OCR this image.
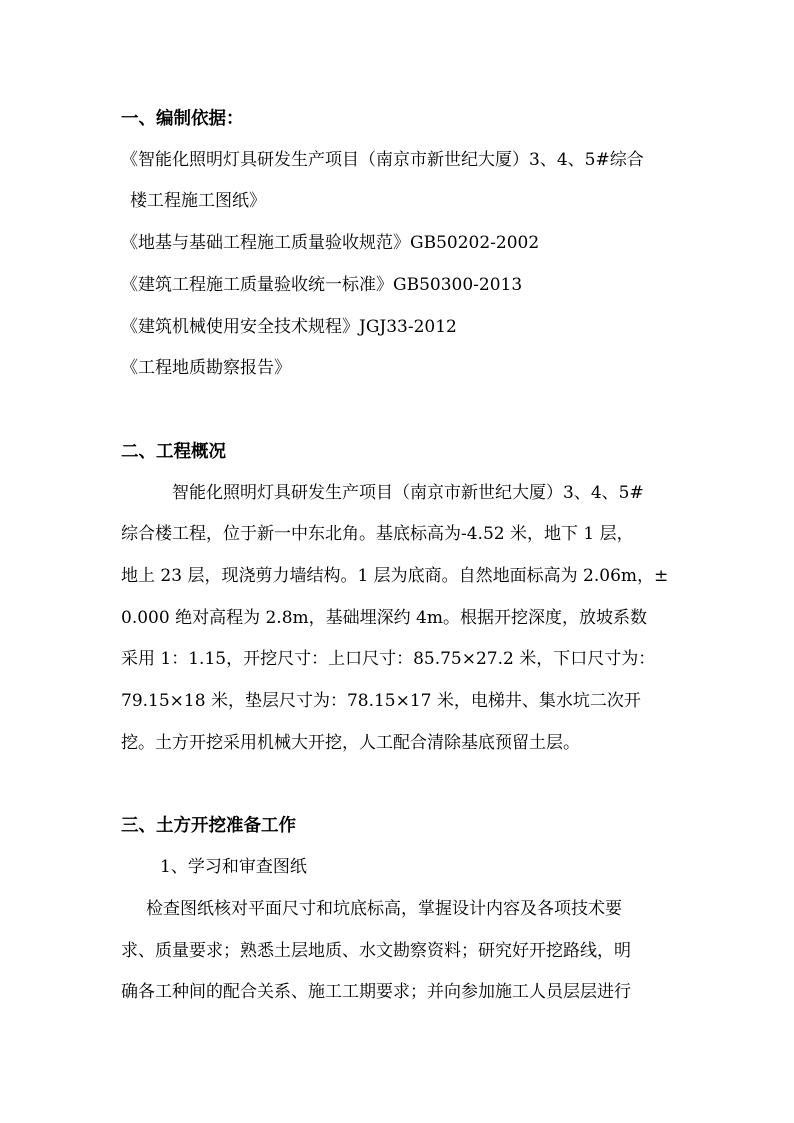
一、编制依据：
《智能化照明灯具研发生产项目（南京市新世纪大厦）3、4、5#综合
楼工程施工图纸》
《地基与基础工程施工质量验收规范》GB50202-2002
《建筑工程施工质量验收统一标准》GB50300-2013
《建筑机械使用安全技术规程》JGJ33-2012
《工程地质勘察报告》
二、工程概况
智能化照明灯具研发生产项目（南京市新世纪大厦）3、4、5#
综合楼工程，位于新一中东北角。基底标高为-4.52 米，地下 1 层，
地上 23 层，现浇剪力墙结构。1 层为底商。自然地面标高为 2.06m，±
0.000 绝对高程为 2.8m，基础埋深约 4m。根据开挖深度，放坡系数
采用 1：1.15，开挖尺寸：上口尺寸：85.75×27.2 米，下口尺寸为：
79.15×18 米，垫层尺寸为：78.15×17 米，电梯井、集水坑二次开
挖。土方开挖采用机械大开挖，人工配合清除基底预留土层。
三、土方开挖准备工作
1、学习和审查图纸
检查图纸核对平面尺寸和坑底标高，掌握设计内容及各项技术要
求、质量要求；熟悉土层地质、水文勘察资料；研究好开挖路线，明
确各工种间的配合关系、施工工期要求；并向参加施工人员层层进行
